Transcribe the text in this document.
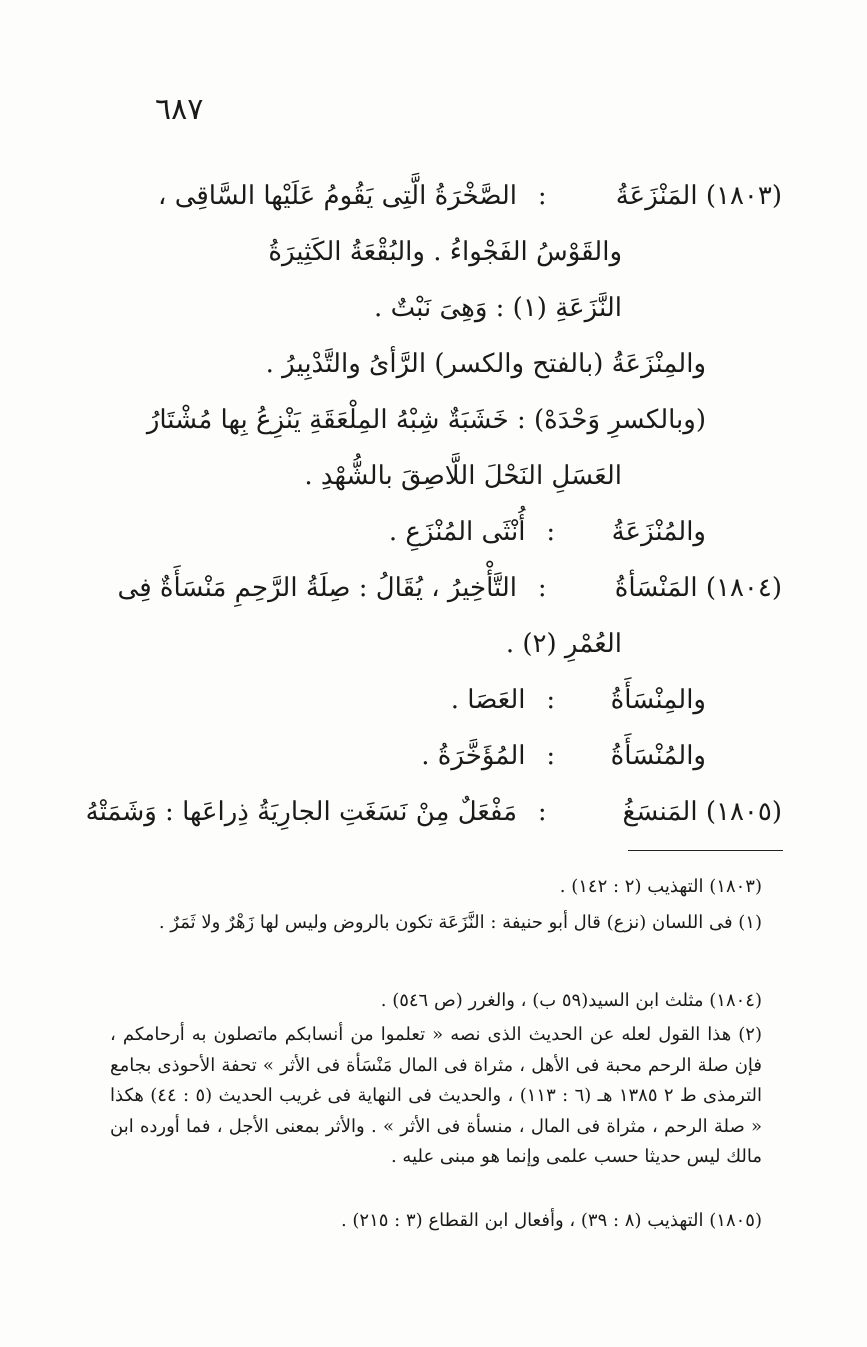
٦٨٧
(١٨٠٣) المَنْزَعَةُ : الصَّخْرَةُ الَّتِى يَقُومُ عَلَيْها السَّاقِى ،
والقَوْسُ الفَجْواءُ . والبُقْعَةُ الكَثِيرَةُ
النَّزَعَةِ (١) : وَهِىَ نَبْتٌ .
والمِنْزَعَةُ (بالفتح والكسر) الرَّأىُ والتَّدْبِيرُ .
(وبالكسرِ وَحْدَهْ) : خَشَبَةٌ شِبْهُ المِلْعَقَةِ يَنْزِعُ بِها مُشْتَارُ
العَسَلِ النَحْلَ اللَّاصِقَ بالشُّهْدِ .
والمُنْزَعَةُ : أُنْثَى المُنْزَعِ .
(١٨٠٤) المَنْسَأةُ : التَّأْخِيرُ ، يُقَالُ : صِلَةُ الرَّحِمِ مَنْسَأَةٌ فِى
العُمْرِ (٢) .
والمِنْسَأَةُ : العَصَا .
والمُنْسَأَةُ : المُؤَخَّرَةُ .
(١٨٠٥) المَنسَغُ : مَفْعَلٌ مِنْ نَسَغَتِ الجارِيَةُ ذِراعَها : وَشَمَتْهُ
(١٨٠٣) التهذيب (٢ : ١٤٢) .
(١) فى اللسان (نزع) قال أبو حنيفة : النَّزَعَة تكون بالروض وليس لها زَهْرٌ ولا ثَمَرٌ .
(١٨٠٤) مثلث ابن السيد(٥٩ ب) ، والغرر (ص ٥٤٦) .
(٢) هذا القول لعله عن الحديث الذى نصه « تعلموا من أنسابكم ماتصلون به أرحامكم ، فإن صلة الرحم محبة فى الأهل ، مثراة فى المال مَنْسَأة فى الأثر » تحفة الأحوذى بجامع الترمذى ط ٢ ١٣٨٥ هـ (٦ : ١١٣) ، والحديث فى النهاية فى غريب الحديث (٥ : ٤٤) هكذا « صلة الرحم ، مثراة فى المال ، منسأة فى الأثر » . والأثر بمعنى الأجل ، فما أورده ابن مالك ليس حديثا حسب علمى وإنما هو مبنى عليه .
(١٨٠٥) التهذيب (٨ : ٣٩) ، وأفعال ابن القطاع (٣ : ٢١٥) .
